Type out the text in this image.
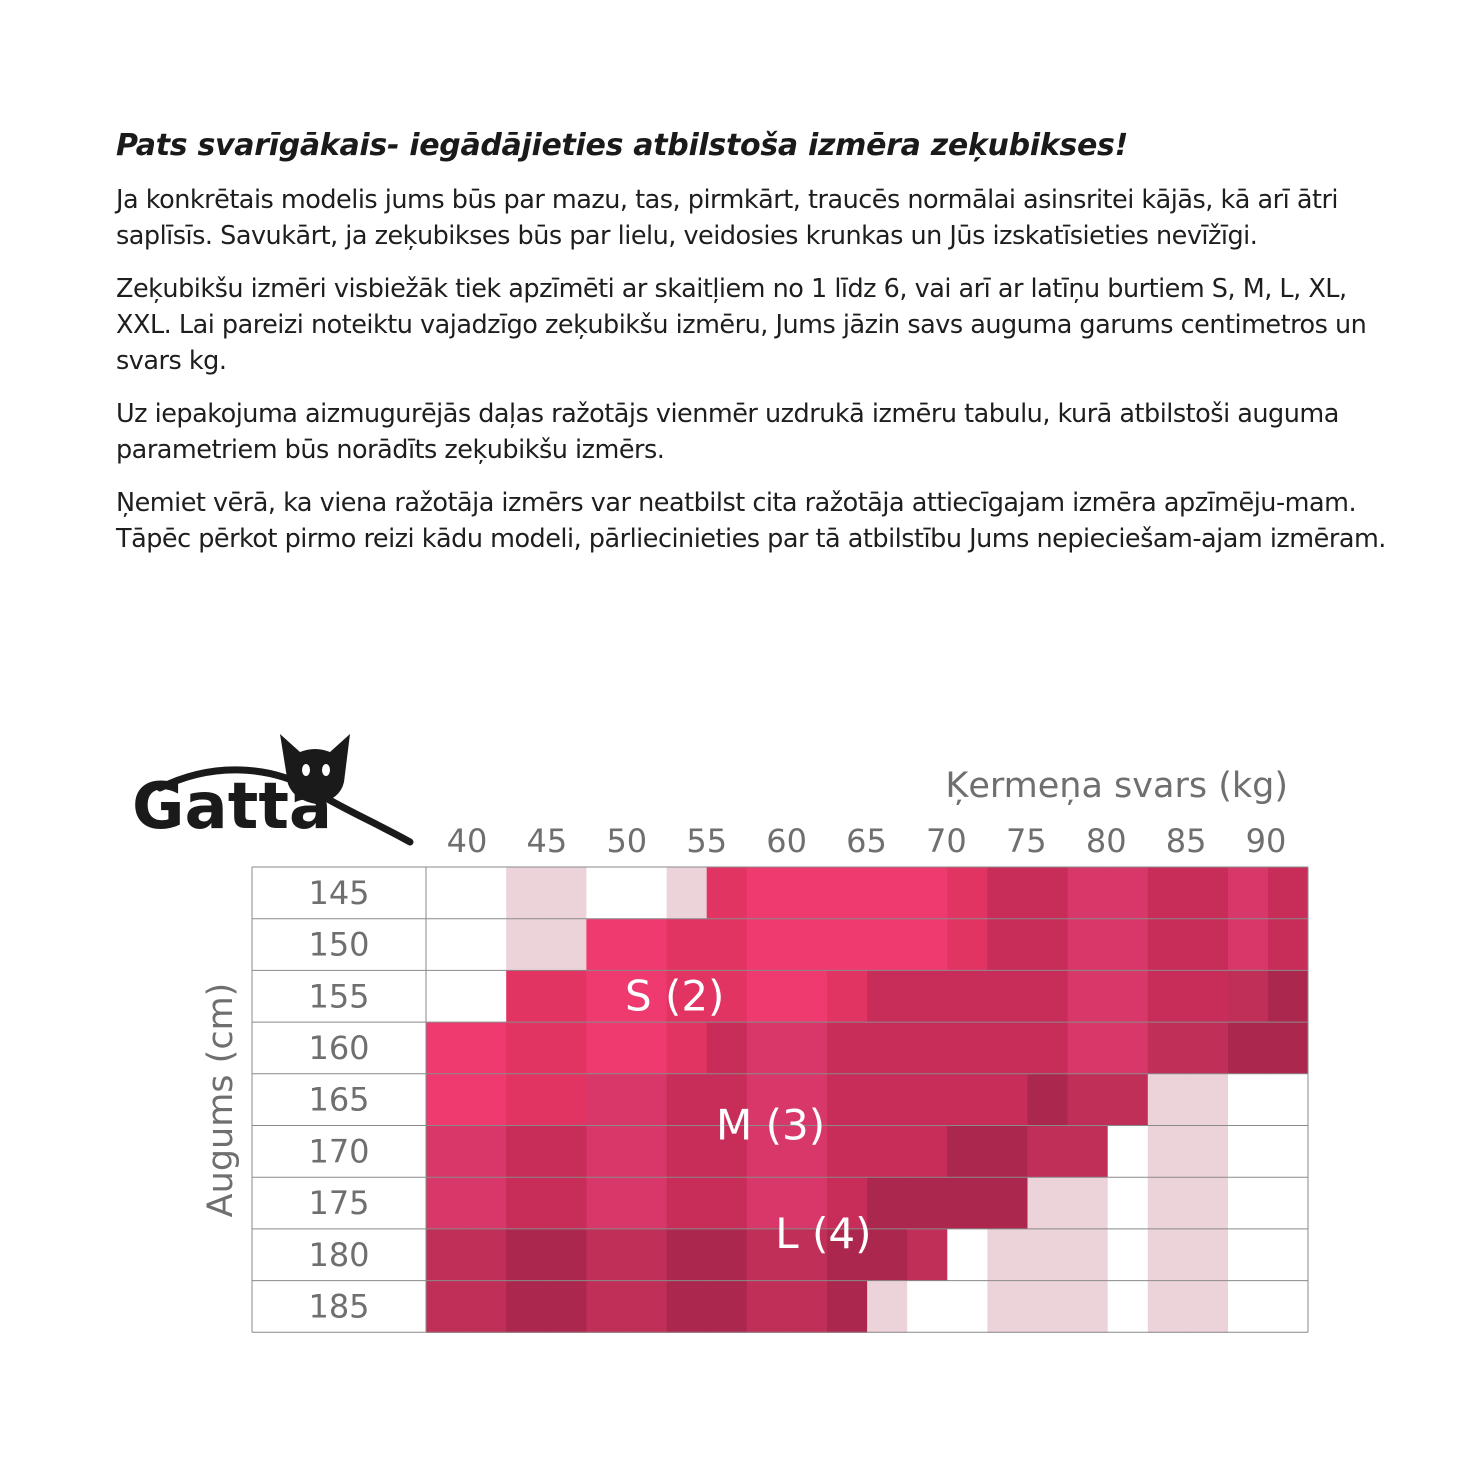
Pats svarīgākais- iegādājieties atbilstoša izmēra zeķubikses!

Ja konkrētais modelis jums būs par mazu, tas, pirmkārt, traucēs normālai asinsritei kājās, kā arī ātri saplīsīs. Savukārt, ja zeķubikses būs par lielu, veidosies krunkas un Jūs izskatīsieties nevīžīgi.

Zeķubikšu izmēri visbiežāk tiek apzīmēti ar skaitļiem no 1 līdz 6, vai arī ar latīņu burtiem S, M, L, XL, XXL. Lai pareizi noteiktu vajadzīgo zeķubikšu izmēru, Jums jāzin savs auguma garums centimetros un svars kg.

Uz iepakojuma aizmugurējās daļas ražotājs vienmēr uzdrukā izmēru tabulu, kurā atbilstoši auguma parametriem būs norādīts zeķubikšu izmērs.

Ņemiet vērā, ka viena ražotāja izmērs var neatbilst cita ražotāja attiecīgajam izmēra apzīmēju-mam. Tāpēc pērkot pirmo reizi kādu modeli, pārliecinieties par tā atbilstību Jums nepieciešam-ajam izmēram.

Gatta	Ķermeņa svars (kg)
Augums (cm)
40 45 50 55 60 65 70 75 80 85 90
145
150
155
160
165
170
175
180
185
S (2)
M (3)
L (4)
